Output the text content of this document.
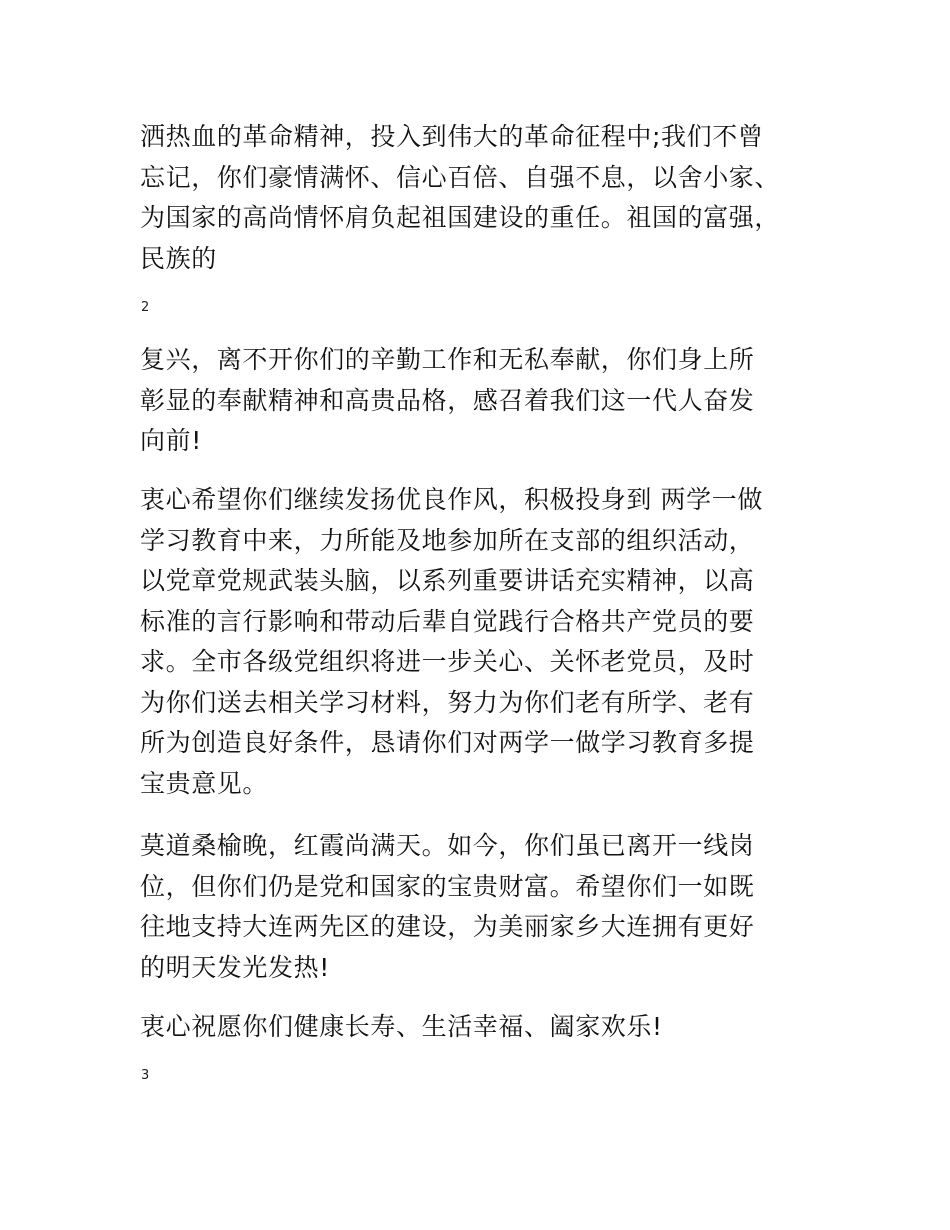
洒热血的革命精神，投入到伟大的革命征程中;我们不曾
忘记，你们豪情满怀、信心百倍、自强不息，以舍小家、
为国家的高尚情怀肩负起祖国建设的重任。祖国的富强，
民族的

2

复兴，离不开你们的辛勤工作和无私奉献，你们身上所
彰显的奉献精神和高贵品格，感召着我们这一代人奋发
向前!

衷心希望你们继续发扬优良作风，积极投身到 两学一做
学习教育中来，力所能及地参加所在支部的组织活动，
以党章党规武装头脑，以系列重要讲话充实精神，以高
标准的言行影响和带动后辈自觉践行合格共产党员的要
求。全市各级党组织将进一步关心、关怀老党员，及时
为你们送去相关学习材料，努力为你们老有所学、老有
所为创造良好条件，恳请你们对两学一做学习教育多提
宝贵意见。

莫道桑榆晚，红霞尚满天。如今，你们虽已离开一线岗
位，但你们仍是党和国家的宝贵财富。希望你们一如既
往地支持大连两先区的建设，为美丽家乡大连拥有更好
的明天发光发热!

衷心祝愿你们健康长寿、生活幸福、阖家欢乐!

3
